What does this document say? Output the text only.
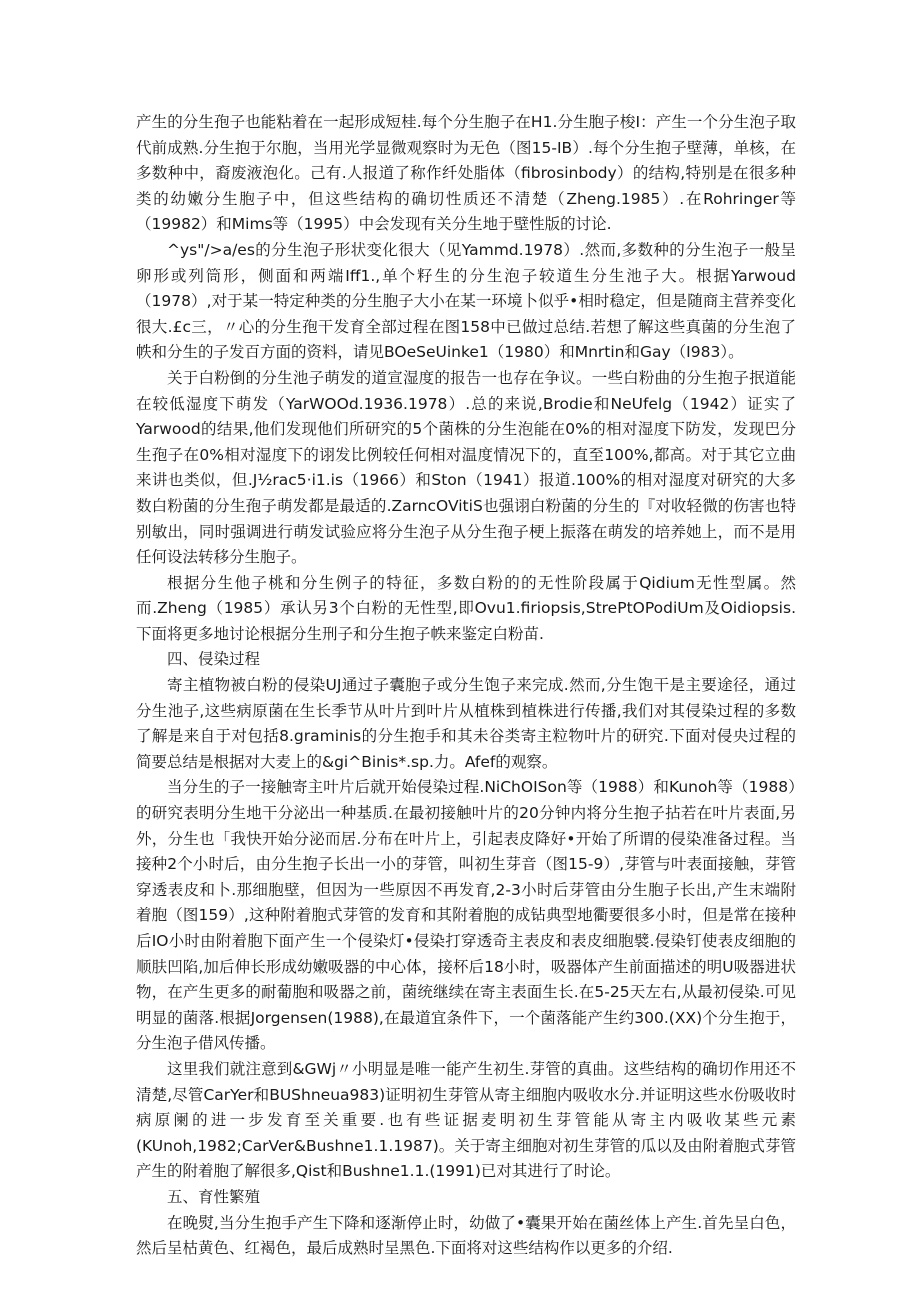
产生的分生孢子也能粘着在一起形成短桂.每个分生胞子在H1.分生胞子梭I：产生一个分生泡子取代前成熟.分生抱于尔胞，当用光学显微观察时为无色（图15-IB）.每个分生抱子壁薄，单核，在多数种中，裔废液泡化。己有.人报道了称作纤处脂体（fibrosinbody）的结构,特别是在很多种类的幼嫩分生胞子中，但这些结构的确切性质还不清楚（Zheng.1985）.在Rohringer等（19982）和Mims等（1995）中会发现有关分生地于壁性版的讨论.

^ys"/>a∕es的分生泡子形状变化很大（见Yammd.1978）.然而,多数种的分生泡子一般呈卵形或列筒形，侧面和两端Iff1.,单个籽生的分生泡子较道生分生池子大。根据Yarwoud（1978）,对于某一特定种类的分生胞子大小在某一环境卜似乎•相时稳定，但是随商主营养变化很大.£c三，〃心的分生孢干发育全部过程在图158中已做过总结.若想了解这些真菌的分生泡了帙和分生的子发百方面的资料，请见BOeSeUinke1（1980）和Mnrtin和Gay（I983）。

关于白粉倒的分生池子萌发的道宣湿度的报告一也存在争议。一些白粉曲的分生抱子抿道能在较低湿度下萌发（YarWOOd.1936.1978）.总的来说,Brodie和NeUfelg（1942）证实了Yarwood的结果,他们发现他们所研究的5个菌株的分生泡能在0%的相对湿度下防发，发现巴分生孢子在0%相对湿度下的诩发比例较任何相对温度情况下的，直至100%,都高。对于其它立曲来讲也类似，但.J½rac5·i1.is（1966）和Ston（1941）报道.100%的相对湿度对研究的大多数白粉菌的分生孢子萌发都是最适的.ZarncOVitiS也强诩白粉菌的分生的『对收轻微的伤害也特别敏出，同时强调进行萌发试验应将分生泡子从分生孢子梗上振落在萌发的培养她上，而不是用任何设法转移分生胞子。

根据分生他子桃和分生例子的特征，多数白粉的的无性阶段属于Qidium无性型属。然而.Zheng（1985）承认另3个白粉的无性型,即Ovu1.firiopsis,StrePtOPodiUm及Oidiopsis.下面将更多地讨论根据分生刑子和分生抱子帙来鉴定白粉苗.

四、侵染过程

寄主植物被白粉的侵染UJ通过子囊胞子或分生饱子来完成.然而,分生饱干是主要途径，通过分生池子,这些病原菌在生长季节从叶片到叶片从植株到植株进行传播,我们对其侵染过程的多数了解是来自于对包括8.graminis的分生抱手和其未谷类寄主粒物叶片的研究.下面对侵央过程的简要总结是根据对大麦上的&gi^Binis*.sp.力。Afef的观察。

当分生的子一接触寄主叶片后就开始侵染过程.NiChOISon等（1988）和Kunoh等（1988）的研究表明分生地干分泌出一种基质.在最初接触叶片的20分钟内将分生抱子拈若在叶片表面,另外，分生也「我快开始分泌而居.分布在叶片上，引起表皮降好•开始了所谓的侵染准备过程。当接种2个小时后，由分生抱子长出一小的芽管，叫初生芽音（图15-9）,芽管与叶表面接触，芽管穿透表皮和卜.那细胞壁，但因为一些原因不再发育,2-3小时后芽管由分生胞子长出,产生末端附着胞（图159）,这种附着胞式芽管的发育和其附着胞的成钻典型地衢要很多小时，但是常在接种后IO小时由附着胞下面产生一个侵染灯•侵染打穿透奇主表皮和表皮细胞襞.侵染钉使表皮细胞的顺肤凹陷,加后伸长形成幼嫩吸器的中心体，接杯后18小时，吸器体产生前面描述的明U吸器进状物，在产生更多的耐葡胞和吸器之前，菌统继续在寄主表面生长.在5-25天左右,从最初侵染.可见明显的菌落.根据Jorgensen(1988),在最道宜条件下，一个菌落能产生约300.(XX)个分生抱于，分生泡子借风传播。

这里我们就注意到&GWj〃小明显是唯一能产生初生.芽管的真曲。这些结构的确切作用还不清楚,尽管CarYer和BUShneua983)证明初生芽管从寄主细胞内吸收水分.并证明这些水份吸收时病原阑的进一步发育至关重要.也有些证据麦明初生芽管能从寄主内吸收某些元素(KUnoh,1982;CarVer&Bushne1.1.1987)。关于寄主细胞对初生芽管的瓜以及由附着胞式芽管产生的附着胞了解很多,Qist和Bushne1.1.(1991)已对其进行了时论。

五、育性繁殖

在晚熨,当分生抱手产生下降和逐渐停止时，幼做了•囊果开始在菌丝体上产生.首先呈白色，然后呈枯黄色、红褐色，最后成熟时呈黑色.下面将对这些结构作以更多的介绍.
